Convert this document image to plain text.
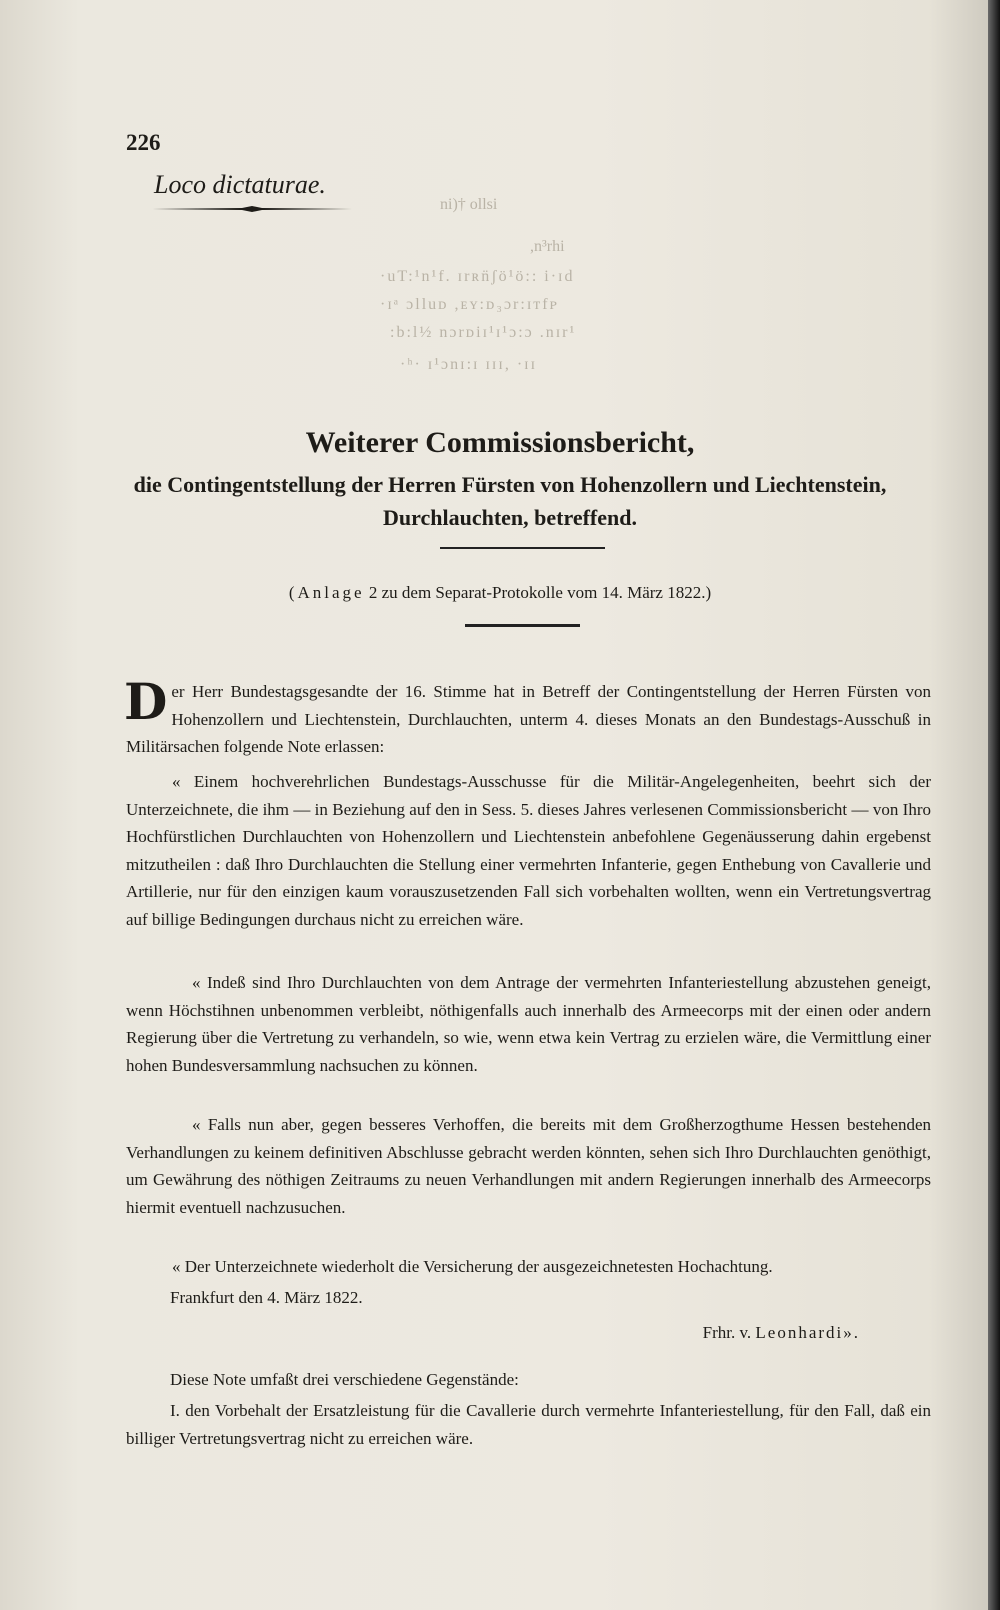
ni)† ollsi
,n³rhi
·uT:¹n¹f. ɪrʀn̈ʃö¹ö:: i·ɪd
·ɪᵃ ɔlluᴅ ,ᴇʏ:ᴅ₃ɔr:ɪᴛfᴘ
:b:l½ nɔrᴅiɪ¹ɪ¹ɔ:ɔ .nɪr¹
·ʰ· ɪ¹ɔnɪ:ɪ ɪɪɪ, ·ɪɪ
226
Loco dictaturae.
Weiterer Commissionsbericht,
die Contingentstellung der Herren Fürsten von Hohenzollern und Liechtenstein,
Durchlauchten, betreffend.
(Anlage 2 zu dem Separat-Protokolle vom 14. März 1822.)
Der Herr Bundestagsgesandte der 16. Stimme hat in Betreff der Contingentstellung der Herren Fürsten von Hohenzollern und Liechtenstein, Durchlauchten, unterm 4. dieses Monats an den Bundestags-Ausschuß in Militärsachen folgende Note erlassen:
« Einem hochverehrlichen Bundestags-Ausschusse für die Militär-Angelegenheiten, beehrt sich der Unterzeichnete, die ihm — in Beziehung auf den in Sess. 5. dieses Jahres verlesenen Commissionsbericht — von Ihro Hochfürstlichen Durchlauchten von Hohenzollern und Liechtenstein anbefohlene Gegenäusserung dahin ergebenst mitzutheilen : daß Ihro Durchlauchten die Stellung einer vermehrten Infanterie, gegen Enthebung von Cavallerie und Artillerie, nur für den einzigen kaum vorauszusetzenden Fall sich vorbehalten wollten, wenn ein Vertretungsvertrag auf billige Bedingungen durchaus nicht zu erreichen wäre.
« Indeß sind Ihro Durchlauchten von dem Antrage der vermehrten Infanteriestellung abzustehen geneigt, wenn Höchstihnen unbenommen verbleibt, nöthigenfalls auch innerhalb des Armeecorps mit der einen oder andern Regierung über die Vertretung zu verhandeln, so wie, wenn etwa kein Vertrag zu erzielen wäre, die Vermittlung einer hohen Bundesversammlung nachsuchen zu können.
« Falls nun aber, gegen besseres Verhoffen, die bereits mit dem Großherzogthume Hessen bestehenden Verhandlungen zu keinem definitiven Abschlusse gebracht werden könnten, sehen sich Ihro Durchlauchten genöthigt, um Gewährung des nöthigen Zeitraums zu neuen Verhandlungen mit andern Regierungen innerhalb des Armeecorps hiermit eventuell nachzusuchen.
« Der Unterzeichnete wiederholt die Versicherung der ausgezeichnetesten Hochachtung.
Frankfurt den 4. März 1822.
Frhr. v. Leonhardi».
Diese Note umfaßt drei verschiedene Gegenstände:
I. den Vorbehalt der Ersatzleistung für die Cavallerie durch vermehrte Infanteriestellung, für den Fall, daß ein billiger Vertretungsvertrag nicht zu erreichen wäre.
